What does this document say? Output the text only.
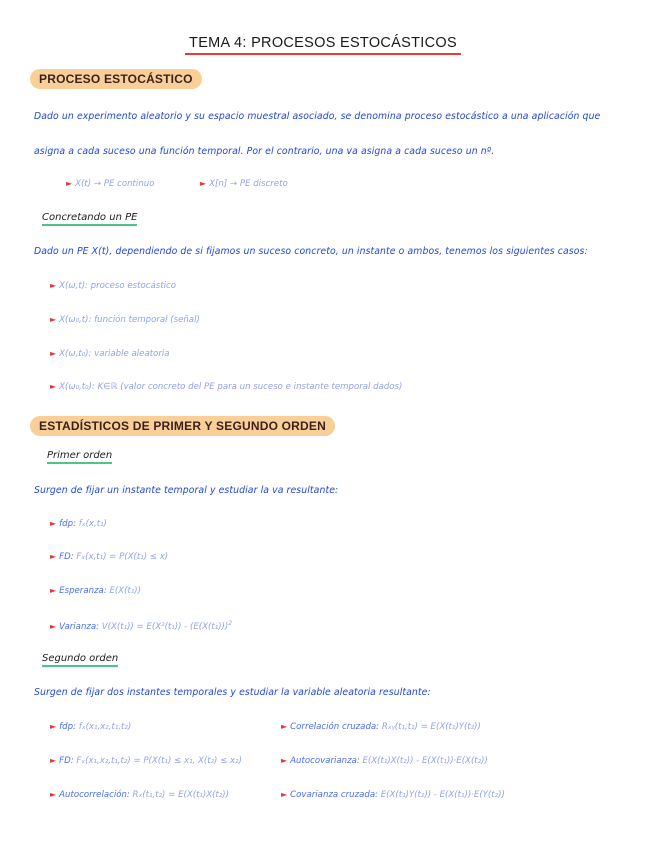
TEMA 4: PROCESOS ESTOCÁSTICOS
PROCESO ESTOCÁSTICO
Dado un experimento aleatorio y su espacio muestral asociado, se denomina proceso estocástico a una aplicación que
asigna a cada suceso una función temporal. Por el contrario, una va asigna a cada suceso un nº.
► X(t) → PE continuo	► X[n] → PE discreto
Concretando un PE
Dado un PE X(t), dependiendo de si fijamos un suceso concreto, un instante o ambos, tenemos los siguientes casos:
► X(ω,t): proceso estocástico
► X(ω₀,t): función temporal (señal)
► X(ω,t₀): variable aleatoria
► X(ω₀,t₀): K∈ℝ (valor concreto del PE para un suceso e instante temporal dados)
ESTADÍSTICOS DE PRIMER Y SEGUNDO ORDEN
Primer orden
Surgen de fijar un instante temporal y estudiar la va resultante:
► fdp: fₓ(x,t₁)
► FD: Fₓ(x,t₁) = P(X(t₁) ≤ x)
► Esperanza: E(X(t₁))
► Varianza: $V(X(t_1)) = E(X^2(t_1)) - (E(X(t_1)))^2$
Segundo orden
Surgen de fijar dos instantes temporales y estudiar la variable aleatoria resultante:
► fdp: fₓ(x₁,x₂,t₁,t₂)
► FD: Fₓ(x₁,x₂,t₁,t₂) = P(X(t₁) ≤ x₁, X(t₂) ≤ x₂)
► Autocorrelación: Rₓ(t₁,t₂) = E(X(t₁)X(t₂))
► Correlación cruzada: Rₓᵧ(t₁,t₂) = E(X(t₁)Y(t₂))
► Autocovarianza: E(X(t₁)X(t₂)) - E(X(t₁))·E(X(t₂))
► Covarianza cruzada: E(X(t₁)Y(t₂)) - E(X(t₁))·E(Y(t₂))
